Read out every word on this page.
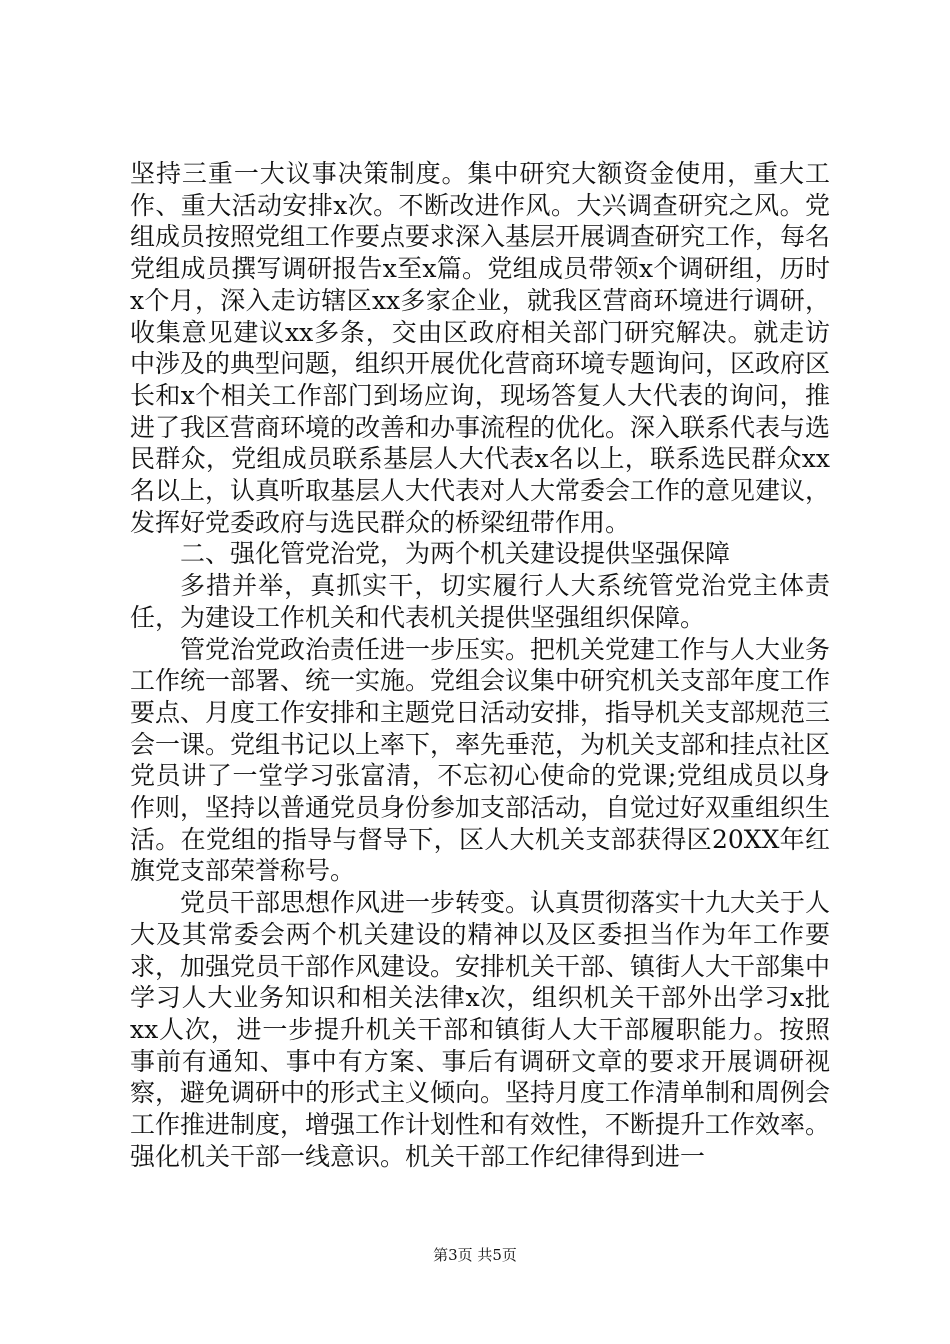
坚持三重一大议事决策制度。集中研究大额资金使用，重大工作、重大活动安排x次。不断改进作风。大兴调查研究之风。党组成员按照党组工作要点要求深入基层开展调查研究工作，每名党组成员撰写调研报告x至x篇。党组成员带领x个调研组，历时x个月，深入走访辖区xx多家企业，就我区营商环境进行调研，收集意见建议xx多条，交由区政府相关部门研究解决。就走访中涉及的典型问题，组织开展优化营商环境专题询问，区政府区长和x个相关工作部门到场应询，现场答复人大代表的询问，推进了我区营商环境的改善和办事流程的优化。深入联系代表与选民群众，党组成员联系基层人大代表x名以上，联系选民群众xx名以上，认真听取基层人大代表对人大常委会工作的意见建议，发挥好党委政府与选民群众的桥梁纽带作用。

二、强化管党治党，为两个机关建设提供坚强保障

多措并举，真抓实干，切实履行人大系统管党治党主体责任，为建设工作机关和代表机关提供坚强组织保障。

管党治党政治责任进一步压实。把机关党建工作与人大业务工作统一部署、统一实施。党组会议集中研究机关支部年度工作要点、月度工作安排和主题党日活动安排，指导机关支部规范三会一课。党组书记以上率下，率先垂范，为机关支部和挂点社区党员讲了一堂学习张富清，不忘初心使命的党课;党组成员以身作则，坚持以普通党员身份参加支部活动，自觉过好双重组织生活。在党组的指导与督导下，区人大机关支部获得区20XX年红旗党支部荣誉称号。

党员干部思想作风进一步转变。认真贯彻落实十九大关于人大及其常委会两个机关建设的精神以及区委担当作为年工作要求，加强党员干部作风建设。安排机关干部、镇街人大干部集中学习人大业务知识和相关法律x次，组织机关干部外出学习x批xx人次，进一步提升机关干部和镇街人大干部履职能力。按照事前有通知、事中有方案、事后有调研文章的要求开展调研视察，避免调研中的形式主义倾向。坚持月度工作清单制和周例会工作推进制度，增强工作计划性和有效性，不断提升工作效率。强化机关干部一线意识。机关干部工作纪律得到进一

第3页 共5页
